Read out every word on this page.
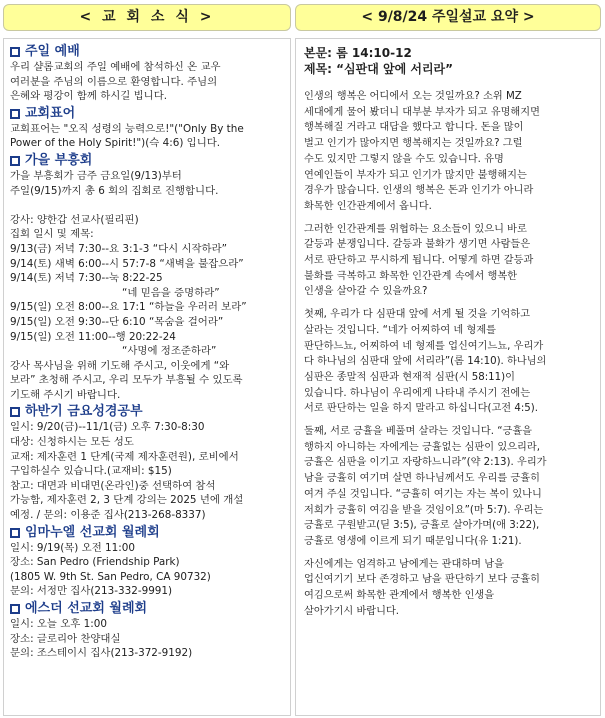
< 교 회 소 식 >	< 9/8/24 주일설교 요약 >
주일 예배
우리 샬롬교회의 주일 예배에 참석하신 온 교우
여러분을 주님의 이름으로 환영합니다. 주님의
은혜와 평강이 함께 하시길 빕니다.
교회표어
교회표어는 "오직 성령의 능력으로!"("Only By the
Power of the Holy Spirit!")(슥 4:6) 입니다.
가을 부흥회
가을 부흥회가 금주 금요일(9/13)부터
주일(9/15)까지 총 6 회의 집회로 진행합니다.

강사: 양한갑 선교사(필리핀)
집회 일시 및 제목:
9/13(금) 저녁 7:30--요 3:1-3 “다시 시작하라”
9/14(토) 새벽 6:00--시 57:7-8 “새벽을 불잡으라”
9/14(토) 저녁 7:30--눅 8:22-25
“네 믿음을 증명하라”
9/15(일) 오전 8:00--요 17:1 “하늘을 우러러 보라”
9/15(일) 오전 9:30--단 6:10 “목숨을 걸어라”
9/15(일) 오전 11:00--행 20:22-24
“사명에 정조준하라”
강사 목사님을 위해 기도해 주시고, 이웃에게 “와
보라” 초청해 주시고, 우리 모두가 부흥될 수 있도록
기도해 주시기 바랍니다.
하반기 금요성경공부
일시: 9/20(금)--11/1(금) 오후 7:30-8:30
대상: 신청하시는 모든 성도
교재: 제자훈련 1 단계(국제 제자훈련원), 로비에서
구입하실수 있습니다.(교재비: $15)
참고: 대면과 비대면(온라인)중 선택하여 참석
가능함, 제자훈련 2, 3 단계 강의는 2025 년에 개설
예정. / 문의: 이용준 집사(213-268-8337)
임마누엘 선교회 월례회
일시: 9/19(목) 오전 11:00
장소: San Pedro (Friendship Park)
(1805 W. 9th St. San Pedro, CA 90732)
문의: 서정만 집사(213-332-9991)
에스더 선교회 월례회
일시: 오늘 오후 1:00
장소: 글로리아 찬양대실
문의: 조스테이시 집사(213-372-9192)
본문: 롬 14:10-12
제목: “심판대 앞에 서리라”
인생의 행복은 어디에서 오는 것일까요? 소위 MZ
세대에게 물어 봤더니 대부분 부자가 되고 유명해지면
행복해질 거라고 대답을 했다고 합니다. 돈을 많이
벌고 인기가 많아지면 행복해지는 것일까요? 그럴
수도 있지만 그렇지 않을 수도 있습니다. 유명
연예인들이 부자가 되고 인기가 많지만 불행해지는
경우가 많습니다. 인생의 행복은 돈과 인기가 아니라
화목한 인간관계에서 옵니다.
그러한 인간관계를 위협하는 요소들이 있으니 바로
갈등과 분쟁입니다. 갈등과 불화가 생기면 사람들은
서로 판단하고 무시하게 됩니다. 어떻게 하면 갈등과
불화를 극복하고 화목한 인간관계 속에서 행복한
인생을 살아갈 수 있을까요?
첫째, 우리가 다 심판대 앞에 서게 될 것을 기억하고
살라는 것입니다. “네가 어찌하여 네 형제를
판단하느뇨, 어찌하여 네 형제를 업신여기느뇨, 우리가
다 하나님의 심판대 앞에 서리라”(롬 14:10). 하나님의
심판은 종말적 심판과 현재적 심판(시 58:11)이
있습니다. 하나님이 우리에게 나타내 주시기 전에는
서로 판단하는 일을 하지 말라고 하십니다(고전 4:5).
둘째, 서로 긍휼을 베풀며 살라는 것입니다. “긍휼을
행하지 아니하는 자에게는 긍휼없는 심판이 있으리라,
긍휼은 심판을 이기고 자랑하느니라”(약 2:13). 우리가
남을 긍휼히 여기며 살면 하나님께서도 우리를 긍휼히
여겨 주실 것입니다. “긍휼히 여기는 자는 복이 있나니
저희가 긍휼히 여김을 받을 것임이요”(마 5:7). 우리는
긍휼로 구원받고(딛 3:5), 긍휼로 살아가며(애 3:22),
긍휼로 영생에 이르게 되기 때문입니다(유 1:21).
자신에게는 엄격하고 남에게는 관대하며 남을
업신여기기 보다 존경하고 남을 판단하기 보다 긍휼히
여김으로써 화목한 관계에서 행복한 인생을
살아가기시 바랍니다.
